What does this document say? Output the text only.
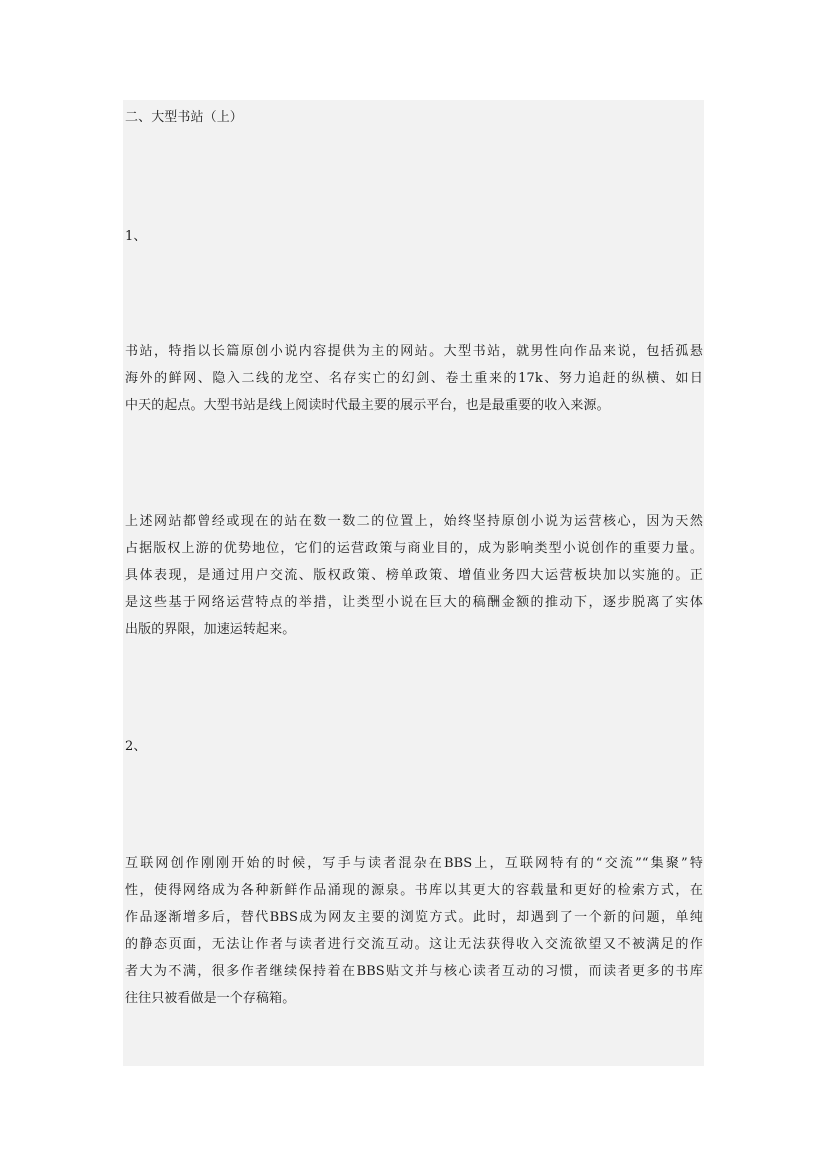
二、大型书站（上）
1、
书站，特指以长篇原创小说内容提供为主的网站。大型书站，就男性向作品来说，包括孤悬
海外的鲜网、隐入二线的龙空、名存实亡的幻剑、卷土重来的17k、努力追赶的纵横、如日
中天的起点。大型书站是线上阅读时代最主要的展示平台，也是最重要的收入来源。
上述网站都曾经或现在的站在数一数二的位置上，始终坚持原创小说为运营核心，因为天然
占据版权上游的优势地位，它们的运营政策与商业目的，成为影响类型小说创作的重要力量。
具体表现，是通过用户交流、版权政策、榜单政策、增值业务四大运营板块加以实施的。正
是这些基于网络运营特点的举措，让类型小说在巨大的稿酬金额的推动下，逐步脱离了实体
出版的界限，加速运转起来。
2、
互联网创作刚刚开始的时候，写手与读者混杂在BBS上，互联网特有的“交流”“集聚”特
性，使得网络成为各种新鲜作品涌现的源泉。书库以其更大的容载量和更好的检索方式，在
作品逐渐增多后，替代BBS成为网友主要的浏览方式。此时，却遇到了一个新的问题，单纯
的静态页面，无法让作者与读者进行交流互动。这让无法获得收入交流欲望又不被满足的作
者大为不满，很多作者继续保持着在BBS贴文并与核心读者互动的习惯，而读者更多的书库
往往只被看做是一个存稿箱。
